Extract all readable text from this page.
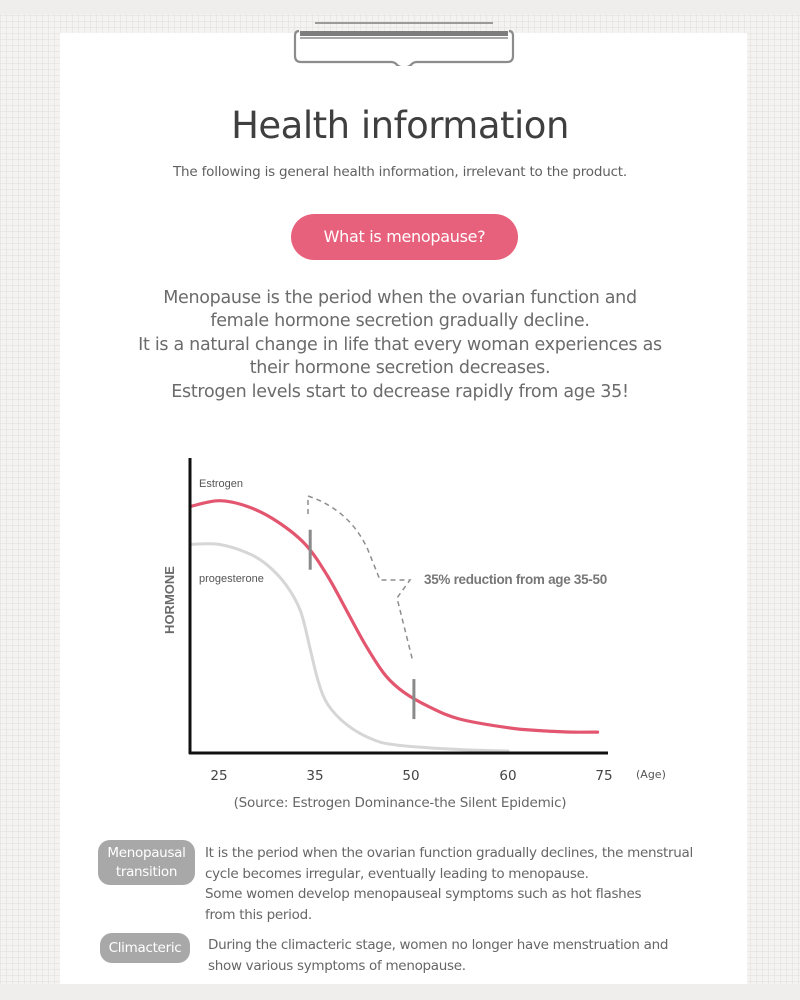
Health information
The following is general health information, irrelevant to the product.
What is menopause?
Menopause is the period when the ovarian function and
female hormone secretion gradually decline.
It is a natural change in life that every woman experiences as
their hormone secretion decreases.
Estrogen levels start to decrease rapidly from age 35!
HORMONE
Estrogen
progesterone	35% reduction from age 35-50
25	35	50	60	75 (Age)
(Source: Estrogen Dominance-the Silent Epidemic)
Menopausal
transition
It is the period when the ovarian function gradually declines, the menstrual
cycle becomes irregular, eventually leading to menopause.
Some women develop menopauseal symptoms such as hot flashes
from this period.
Climacteric	During the climacteric stage, women no longer have menstruation and
show various symptoms of menopause.
